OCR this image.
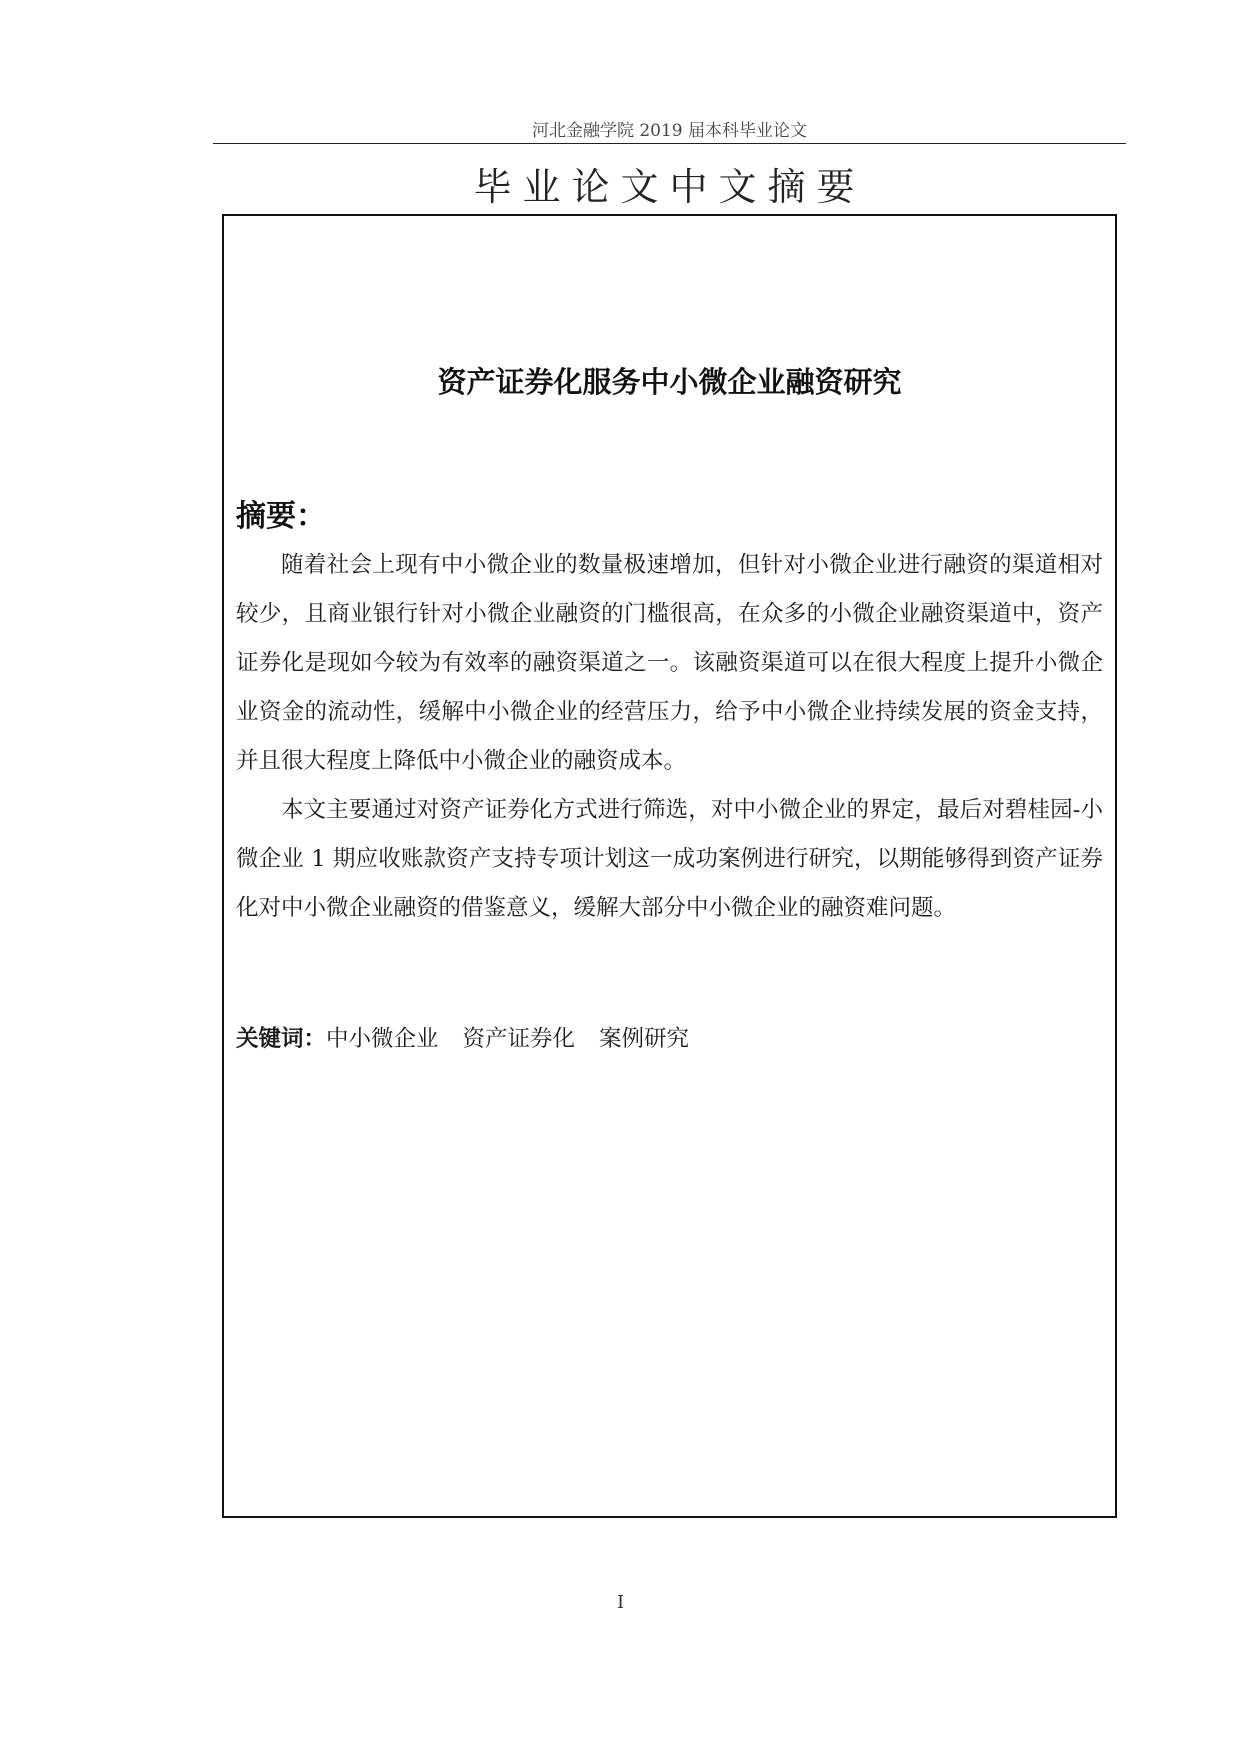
河北金融学院 2019 届本科毕业论文
毕业论文中文摘要
资产证券化服务中小微企业融资研究
摘要：

随着社会上现有中小微企业的数量极速增加，但针对小微企业进行融资的渠道相对较少，且商业银行针对小微企业融资的门槛很高，在众多的小微企业融资渠道中，资产证券化是现如今较为有效率的融资渠道之一。该融资渠道可以在很大程度上提升小微企业资金的流动性，缓解中小微企业的经营压力，给予中小微企业持续发展的资金支持，并且很大程度上降低中小微企业的融资成本。

本文主要通过对资产证券化方式进行筛选，对中小微企业的界定，最后对碧桂园-小微企业 1 期应收账款资产支持专项计划这一成功案例进行研究，以期能够得到资产证券化对中小微企业融资的借鉴意义，缓解大部分中小微企业的融资难问题。

关键词：中小微企业 资产证券化 案例研究
I
